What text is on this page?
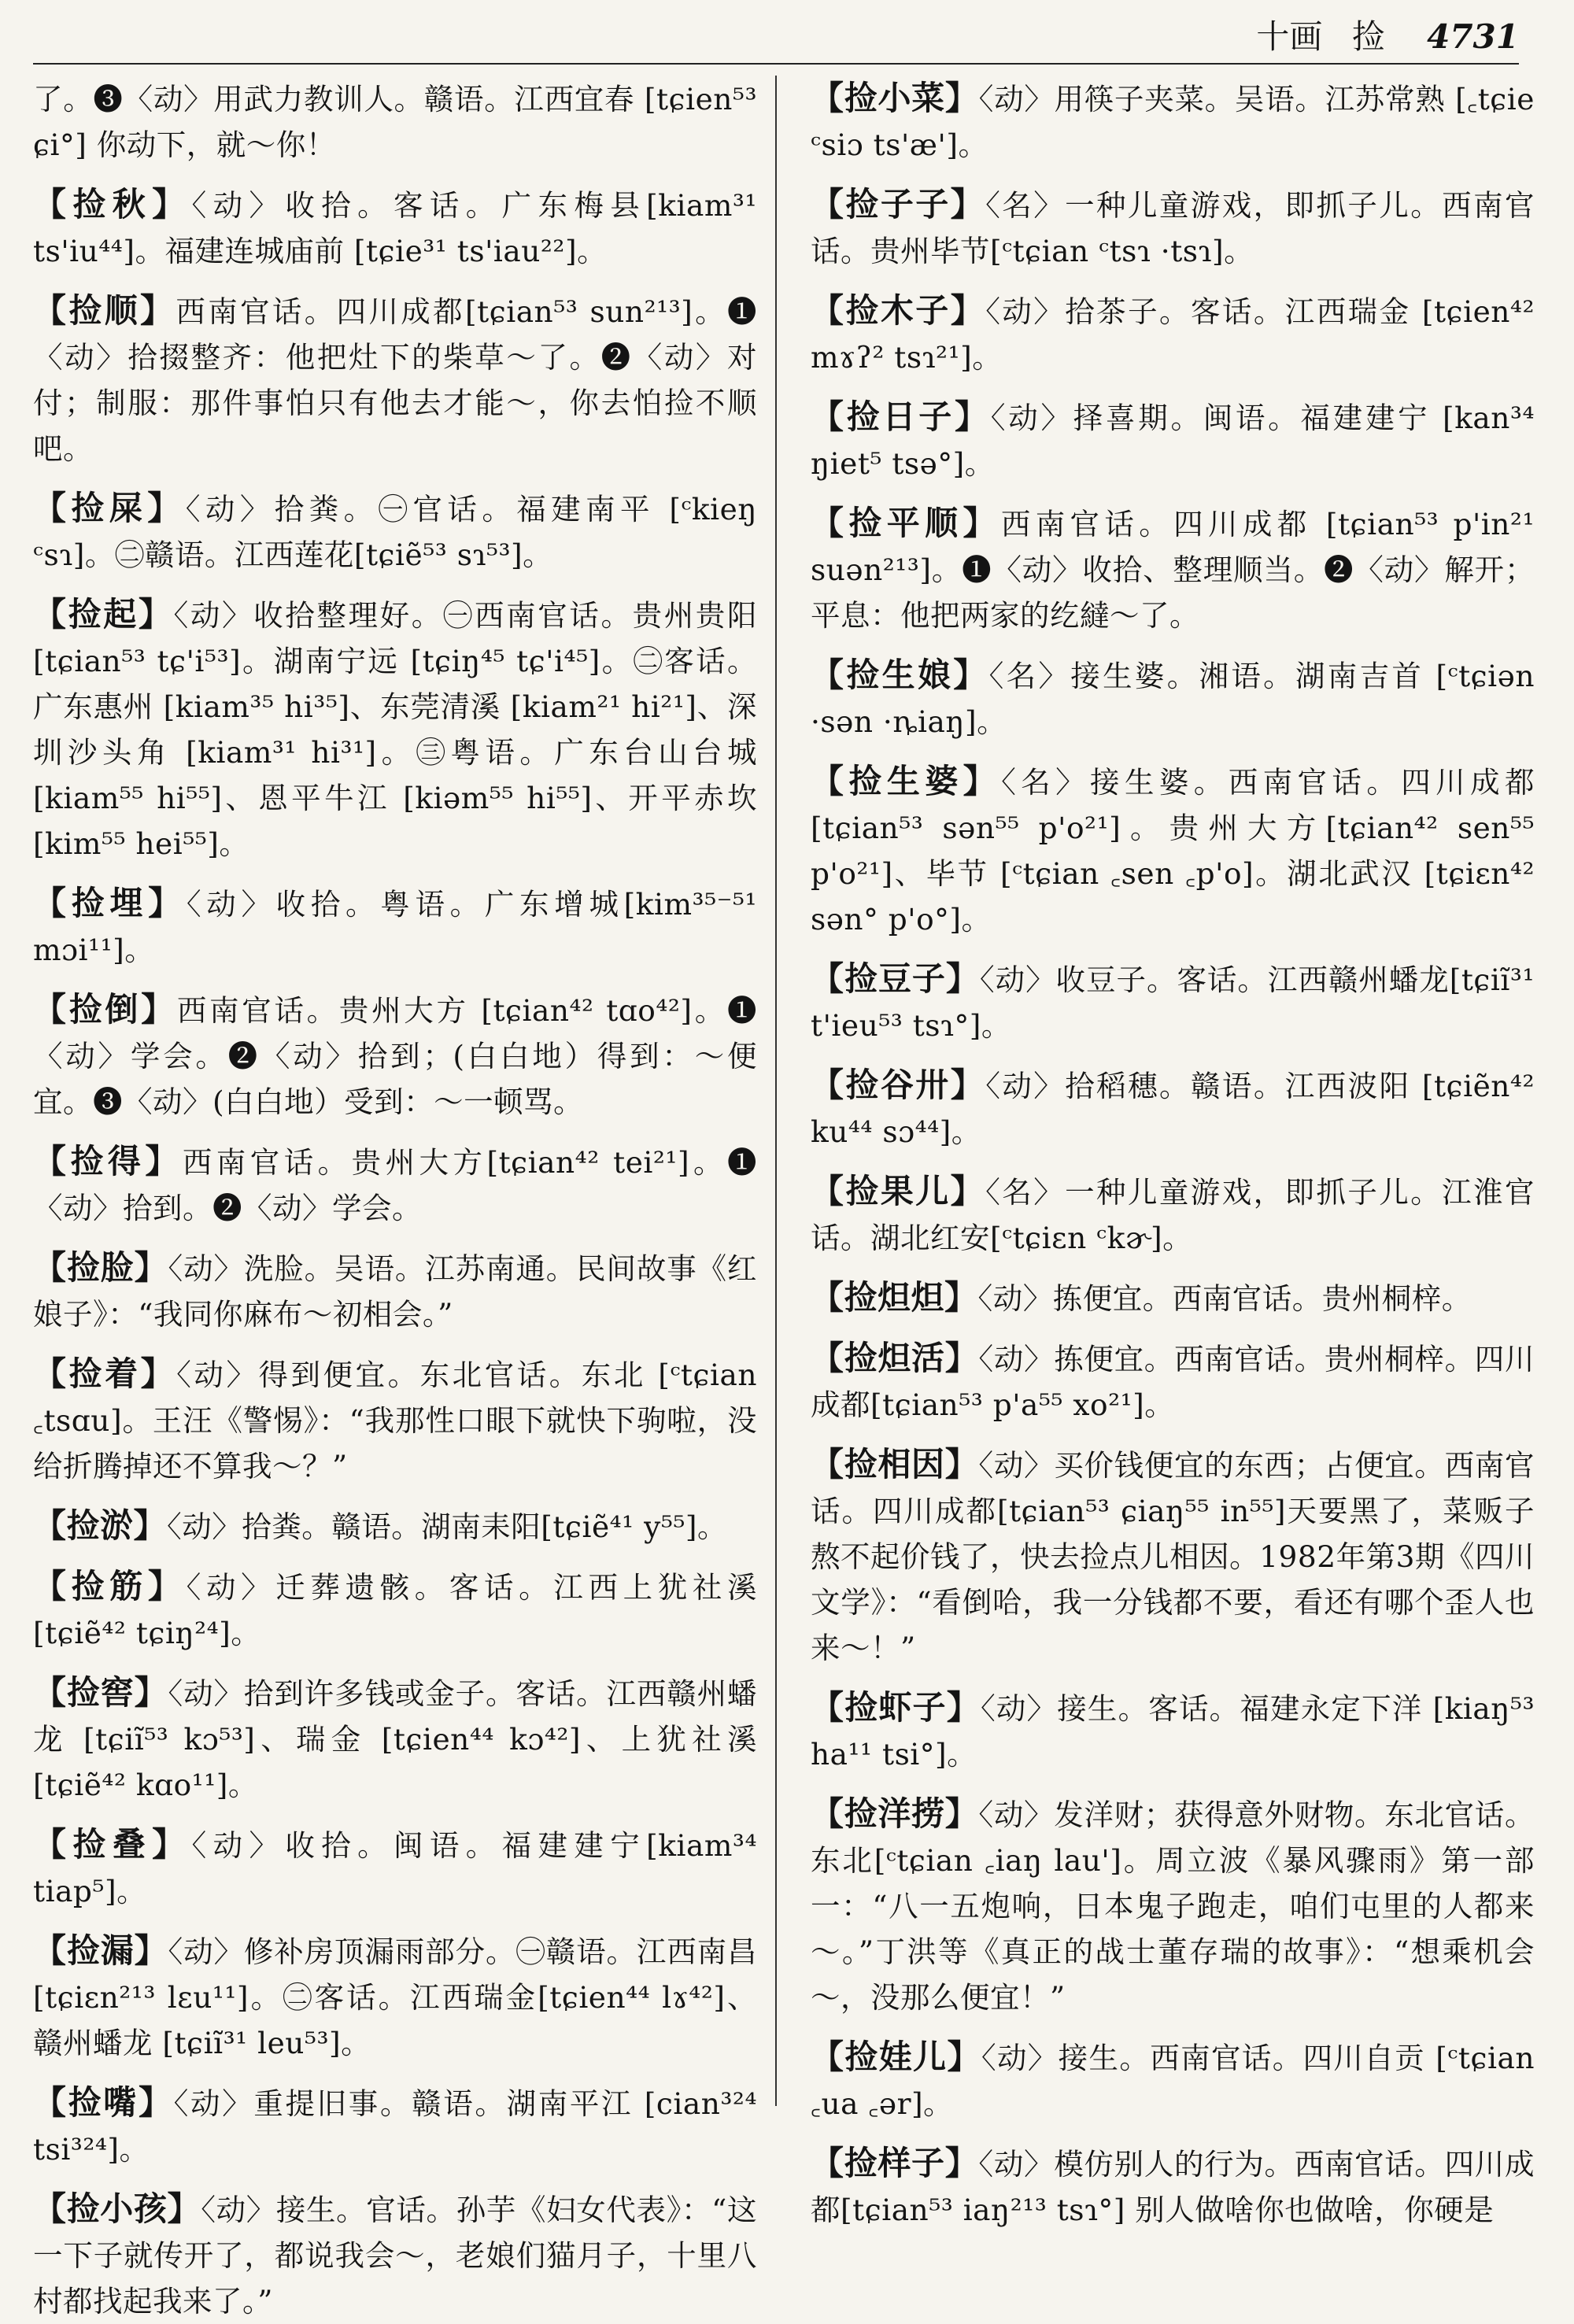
十画 捡 4731
了。❸〈动〉用武力教训人。赣语。江西宜春 [tɕien⁵³ ɕi°] 你动下，就～你！
【捡秋】〈动〉收拾。客话。广东梅县[kiam³¹ ts'iu⁴⁴]。福建连城庙前 [tɕie³¹ ts'iau²²]。
【捡顺】西南官话。四川成都[tɕian⁵³ sun²¹³]。❶〈动〉拾掇整齐：他把灶下的柴草～了。❷〈动〉对付；制服：那件事怕只有他去才能～，你去怕捡不顺吧。
【捡屎】〈动〉拾粪。㊀官话。福建南平 [ᶜkieŋ ᶜsɿ]。㊁赣语。江西莲花[tɕiẽ⁵³ sɿ⁵³]。
【捡起】〈动〉收拾整理好。㊀西南官话。贵州贵阳 [tɕian⁵³ tɕ'i⁵³]。湖南宁远 [tɕiŋ⁴⁵ tɕ'i⁴⁵]。㊁客话。广东惠州 [kiam³⁵ hi³⁵]、东莞清溪 [kiam²¹ hi²¹]、深圳沙头角 [kiam³¹ hi³¹]。㊂粤语。广东台山台城 [kiam⁵⁵ hi⁵⁵]、恩平牛江 [kiəm⁵⁵ hi⁵⁵]、开平赤坎[kim⁵⁵ hei⁵⁵]。
【捡埋】〈动〉收拾。粤语。广东增城[kim³⁵⁻⁵¹ mɔi¹¹]。
【捡倒】西南官话。贵州大方 [tɕian⁴² tɑo⁴²]。❶〈动〉学会。❷〈动〉拾到；(白白地）得到：～便宜。❸〈动〉(白白地）受到：～一顿骂。
【捡得】西南官话。贵州大方[tɕian⁴² tei²¹]。❶〈动〉拾到。❷〈动〉学会。
【捡脸】〈动〉洗脸。吴语。江苏南通。民间故事《红娘子》：“我同你麻布～初相会。”
【捡着】〈动〉得到便宜。东北官话。东北 [ᶜtɕian ꜀tsɑu]。王汪《警惕》：“我那性口眼下就快下驹啦，没给折腾掉还不算我～？”
【捡淤】〈动〉拾粪。赣语。湖南耒阳[tɕiẽ⁴¹ y⁵⁵]。
【捡筋】〈动〉迁葬遗骸。客话。江西上犹社溪 [tɕiẽ⁴² tɕiŋ²⁴]。
【捡窖】〈动〉拾到许多钱或金子。客话。江西赣州蟠龙 [tɕiĩ⁵³ kɔ⁵³]、瑞金 [tɕien⁴⁴ kɔ⁴²]、上犹社溪 [tɕiẽ⁴² kɑo¹¹]。
【捡叠】〈动〉收拾。闽语。福建建宁[kiam³⁴ tiap⁵]。
【捡漏】〈动〉修补房顶漏雨部分。㊀赣语。江西南昌 [tɕiɛn²¹³ lɛu¹¹]。㊁客话。江西瑞金[tɕien⁴⁴ lɤ⁴²]、赣州蟠龙 [tɕiĩ³¹ leu⁵³]。
【捡嘴】〈动〉重提旧事。赣语。湖南平江 [cian³²⁴ tsi³²⁴]。
【捡小孩】〈动〉接生。官话。孙芋《妇女代表》：“这一下子就传开了，都说我会～，老娘们猫月子，十里八村都找起我来了。”
【捡小菜】〈动〉用筷子夹菜。吴语。江苏常熟 [꜀tɕie ᶜsiɔ ts'æ']。
【捡子子】〈名〉一种儿童游戏，即抓子儿。西南官话。贵州毕节[ᶜtɕian ᶜtsɿ ·tsɿ]。
【捡木子】〈动〉拾茶子。客话。江西瑞金 [tɕien⁴² mɤʔ² tsɿ²¹]。
【捡日子】〈动〉择喜期。闽语。福建建宁 [kan³⁴ ŋiet⁵ tsə°]。
【捡平顺】西南官话。四川成都 [tɕian⁵³ p'in²¹ suən²¹³]。❶〈动〉收拾、整理顺当。❷〈动〉解开；平息：他把两家的纥繨～了。
【捡生娘】〈名〉接生婆。湘语。湖南吉首 [ᶜtɕiən ·sən ·ȵiaŋ]。
【捡生婆】〈名〉接生婆。西南官话。四川成都[tɕian⁵³ sən⁵⁵ p'o²¹]。贵州大方[tɕian⁴² sen⁵⁵ p'o²¹]、毕节 [ᶜtɕian ꜀sen ꜀p'o]。湖北武汉 [tɕiɛn⁴² sən° p'o°]。
【捡豆子】〈动〉收豆子。客话。江西赣州蟠龙[tɕiĩ³¹ t'ieu⁵³ tsɿ°]。
【捡谷卅】〈动〉拾稻穗。赣语。江西波阳 [tɕiẽn⁴² ku⁴⁴ sɔ⁴⁴]。
【捡果儿】〈名〉一种儿童游戏，即抓子儿。江淮官话。湖北红安[ᶜtɕiɛn ᶜkɚ]。
【捡炟炟】〈动〉拣便宜。西南官话。贵州桐梓。
【捡炟活】〈动〉拣便宜。西南官话。贵州桐梓。四川成都[tɕian⁵³ p'a⁵⁵ xo²¹]。
【捡相因】〈动〉买价钱便宜的东西；占便宜。西南官话。四川成都[tɕian⁵³ ɕiaŋ⁵⁵ in⁵⁵]天要黑了，菜贩子熬不起价钱了，快去捡点儿相因。1982年第3期《四川文学》：“看倒哈，我一分钱都不要，看还有哪个歪人也来～！”
【捡虾子】〈动〉接生。客话。福建永定下洋 [kiaŋ⁵³ ha¹¹ tsi°]。
【捡洋捞】〈动〉发洋财；获得意外财物。东北官话。东北[ᶜtɕian ꜀iaŋ lau']。周立波《暴风骤雨》第一部一：“八一五炮响，日本鬼子跑走，咱们屯里的人都来～。”丁洪等《真正的战士董存瑞的故事》：“想乘机会～，没那么便宜！”
【捡娃儿】〈动〉接生。西南官话。四川自贡 [ᶜtɕian ꜀ua ꜀ər]。
【捡样子】〈动〉模仿别人的行为。西南官话。四川成都[tɕian⁵³ iaŋ²¹³ tsɿ°] 别人做啥你也做啥，你硬是
